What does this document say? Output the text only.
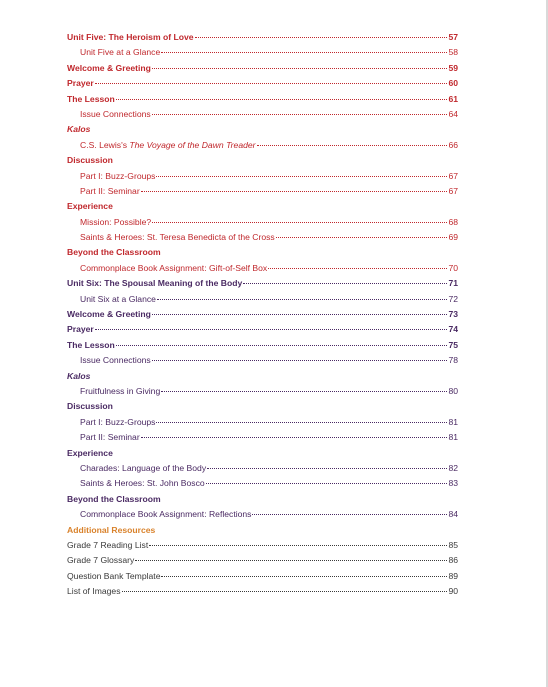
Unit Five: The Heroism of Love	57
Unit Five at a Glance	58
Welcome & Greeting	59
Prayer	60
The Lesson	61
Issue Connections	64
Kalos
C.S. Lewis's The Voyage of the Dawn Treader	66
Discussion
Part I: Buzz-Groups	67
Part II: Seminar	67
Experience
Mission: Possible?	68
Saints & Heroes: St. Teresa Benedicta of the Cross	69
Beyond the Classroom
Commonplace Book Assignment: Gift-of-Self Box	70
Unit Six: The Spousal Meaning of the Body	71
Unit Six at a Glance	72
Welcome & Greeting	73
Prayer	74
The Lesson	75
Issue Connections	78
Kalos
Fruitfulness in Giving	80
Discussion
Part I: Buzz-Groups	81
Part II: Seminar	81
Experience
Charades: Language of the Body	82
Saints & Heroes: St. John Bosco	83
Beyond the Classroom
Commonplace Book Assignment: Reflections	84
Additional Resources
Grade 7 Reading List	85
Grade 7 Glossary	86
Question Bank Template	89
List of Images	90
